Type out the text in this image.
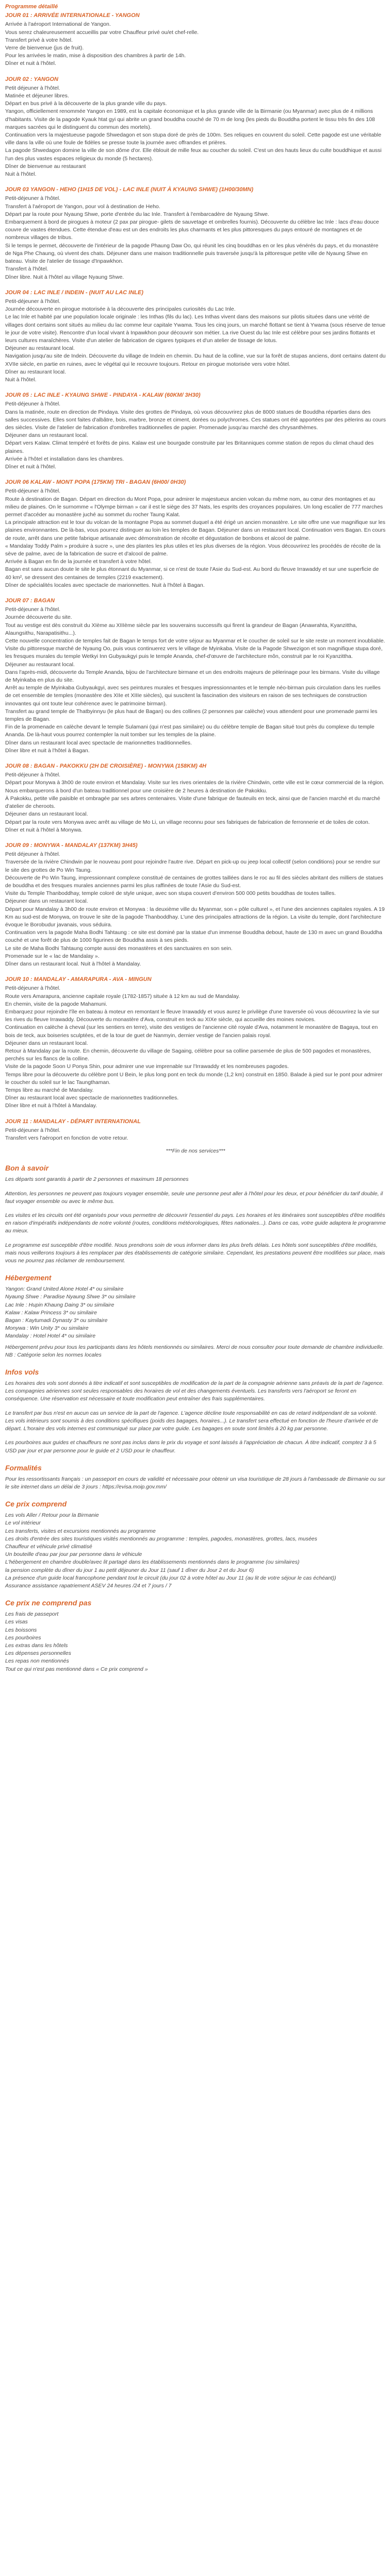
Programme détaillé
JOUR 01 : ARRIVÉE INTERNATIONALE - YANGON

Arrivée à l'aéroport International de Yangon.

Vous serez chaleureusement accueillis par votre Chauffeur privé ou/et chef-relle.

Transfert privé à votre hôtel.

Verre de bienvenue (jus de fruit).

Pour les arrivées le matin, mise à disposition des chambres à partir de 14h.

Dîner et nuit à l'hôtel.

JOUR 02 : YANGON

Petit déjeuner à l'hôtel.

Matinée et déjeuner libres.

Départ en bus privé à la découverte de la plus grande ville du pays.

Yangon, officiellement renommée Yangon en 1989, est la capitale économique et la plus grande ville de la Birmanie (ou Myanmar) avec plus de 4 millions d'habitants. Visite de la pagode Kyauk htat gyi qui abrite un grand bouddha couché de 70 m de long (les pieds du Bouddha portent le tissu très fin des 108 marques sacrées qui le distinguent du commun des mortels).

Continuation vers la majestueuse pagode Shwedagon et son stupa doré de près de 100m. Ses reliques en couvrent du soleil. Cette pagode est une véritable ville dans la ville où une foule de fidèles se presse toute la journée avec offrandes et prières.

La pagode Shwedagon domine la ville de son dôme d'or. Elle éblouit de mille feux au coucher du soleil. C'est un des hauts lieux du culte bouddhique et aussi l'un des plus vastes espaces religieux du monde (5 hectares).

Dîner de bienvenue au restaurant

Nuit à l'hôtel.

JOUR 03 YANGON - HEHO (1H15 DE VOL) - LAC INLE (NUIT À KYAUNG SHWE) (1H00/30MN)

Petit-déjeuner à l'hôtel.

Transfert à l'aéroport de Yangon, pour vol à destination de Heho.

Départ par la route pour Nyaung Shwe, porte d'entrée du lac Inle. Transfert à l'embarcadère de Nyaung Shwe.

Embarquement à bord de pirogues à moteur (2 pax par pirogue- gilets de sauvetage et ombrelles fournis). Découverte du célèbre lac Inle : lacs d'eau douce couvre de vastes étendues. Cette étendue d'eau est un des endroits les plus charmants et les plus pittoresques du pays entouré de montagnes et de nombreux villages de tribus.

Si le temps le permet, découverte de l'intérieur de la pagode Phaung Daw Oo, qui réunit les cinq bouddhas en or les plus vénérés du pays, et du monastère de Nga Phe Chaung, où vivent des chats. Déjeuner dans une maison traditionnelle puis traversée jusqu'à la pittoresque petite ville de Nyaung Shwe en bateau. Visite de l'atelier de tissage d'Inpawkhon.

Transfert à l'hôtel.

Dîner libre. Nuit à l'hôtel au village Nyaung Shwe.

JOUR 04 : LAC INLE / INDEIN - (NUIT AU LAC INLE)

Petit-déjeuner à l'hôtel.

Journée découverte en pirogue motorisée à la découverte des principales curiosités du Lac Inle.

Le lac Inle et habité par une population locale originale : les Inthas (fils du lac). Les Inthas vivent dans des maisons sur pilotis situées dans une vérité de villages dont certains sont situés au milieu du lac comme leur capitale Ywama. Tous les cinq jours, un marché flottant se tient à Ywama (sous réserve de tenue le jour de votre visite). Rencontre d'un local vivant à Inpawkhon pour découvrir son métier. La rive Ouest du lac Inle est célèbre pour ses jardins flottants et leurs cultures maraîchères. Visite d'un atelier de fabrication de cigares typiques et d'un atelier de tissage de lotus.

Déjeuner au restaurant local.

Navigation jusqu'au site de Indein. Découverte du village de Indein en chemin. Du haut de la colline, vue sur la forêt de stupas anciens, dont certains datent du XVIIe siècle, en partie en ruines, avec le végétal qui le recouvre toujours. Retour en pirogue motorisée vers votre hôtel.

Dîner au restaurant local.

Nuit à l'hôtel.

JOUR 05 : LAC INLE - KYAUNG SHWE - PINDAYA - KALAW (60KM/ 3H30)

Petit-déjeuner à l'hôtel.

Dans la matinée, route en direction de Pindaya. Visite des grottes de Pindaya, où vous découvrirez plus de 8000 statues de Bouddha réparties dans des salles successives. Elles sont faites d'albâtre, bois, marbre, bronze et ciment, dorées ou polychromes. Ces statues ont été apportées par des pèlerins au cours des siècles. Visite de l'atelier de fabrication d'ombrelles traditionnelles de papier. Promenade jusqu'au marché des chrysanthèmes.

Déjeuner dans un restaurant local.

Départ vers Kalaw. Climat tempéré et forêts de pins. Kalaw est une bourgade construite par les Britanniques comme station de repos du climat chaud des plaines.

Arrivée à l'hôtel et installation dans les chambres.

Dîner et nuit à l'hôtel.

JOUR 06 KALAW - MONT POPA (175KM) TRI - BAGAN (6H00/ 0H30)

Petit-déjeuner à l'hôtel.

Route à destination de Bagan. Départ en direction du Mont Popa, pour admirer le majestueux ancien volcan du même nom, au cœur des montagnes et au milieu de plaines. On le surnomme « l'Olympe birman » car il est le siège des 37 Nats, les esprits des croyances populaires. Un long escalier de 777 marches permet d'accéder au monastère juché au sommet du rocher Taung Kalat.

La principale attraction est le tour du volcan de la montagne Popa au sommet duquel a été érigé un ancien monastère. Le site offre une vue magnifique sur les plaines environnantes. De là-bas, vous pourrez distinguer au loin les temples de Bagan. Déjeuner dans un restaurant local. Continuation vers Bagan. En cours de route, arrêt dans une petite fabrique artisanale avec démonstration de récolte et dégustation de bonbons et alcool de palme.

« Mandalay Toddy Palm » produire à sucre », une des plantes les plus utiles et les plus diverses de la région. Vous découvrirez les procédés de récolte de la sève de palme, avec de la fabrication de sucre et d'alcool de palme.

Arrivée à Bagan en fin de la journée et transfert à votre hôtel.

Bagan est sans aucun doute le site le plus étonnant du Myanmar, si ce n'est de toute l'Asie du Sud-est. Au bord du fleuve Irrawaddy et sur une superficie de 40 km², se dressent des centaines de temples (2219 exactement).

Dîner de spécialités locales avec spectacle de marionnettes. Nuit à l'hôtel à Bagan.

JOUR 07 : BAGAN

Petit-déjeuner à l'hôtel.

Journée découverte du site.

Tout au vestige est dès construit du XIème au XIIIème siècle par les souverains successifs qui firent la grandeur de Bagan (Anawrahta, Kyanzittha, Alaungsithu, Narapatisithu...).

Cette nouvelle concentration de temples fait de Bagan le temps fort de votre séjour au Myanmar et le coucher de soleil sur le site reste un moment inoubliable. Visite du pittoresque marché de Nyaung Oo, puis vous continuerez vers le village de Myinkaba. Visite de la Pagode Shwezigon et son magnifique stupa doré, les fresques murales du temple Wetkyi Inn Gubyaukgyi puis le temple Ananda, chef-d'œuvre de l'architecture môn, construit par le roi Kyanzittha.

Déjeuner au restaurant local.

Dans l'après-midi, découverte du Temple Ananda, bijou de l'architecture birmane et un des endroits majeurs de pèlerinage pour les birmans. Visite du village de Myinkaba en plus du site.

Arrêt au temple de Myinkaba Gubyaukgyi, avec ses peintures murales et fresques impressionnantes et le temple néo-birman puis circulation dans les ruelles de cet ensemble de temples (monastère des XIIe et XIIIe siècles), qui suscitent la fascination des visiteurs en raison de ses techniques de construction innovantes qui ont toute leur cohérence avec le patrimoine birman).

Transfert au grand temple de Thatbyinnyu (le plus haut de Bagan) ou des collines (2 personnes par calèche) vous attendent pour une promenade parmi les temples de Bagan.

Fin de la promenade en calèche devant le temple Sulamani (qui n'est pas similaire) ou du célèbre temple de Bagan situé tout près du complexe du temple Ananda. De là-haut vous pourrez contempler la nuit tomber sur les temples de la plaine.

Dîner dans un restaurant local avec spectacle de marionnettes traditionnelles.

Dîner libre et nuit à l'hôtel à Bagan.

JOUR 08 : BAGAN - PAKOKKU (2H DE CROISIÈRE) - MONYWA (158KM) 4H

Petit-déjeuner à l'hôtel.

Départ pour Monywa à 3h00 de route environ et Mandalay. Visite sur les rives orientales de la rivière Chindwin, cette ville est le cœur commercial de la région.

Nous embarquerons à bord d'un bateau traditionnel pour une croisière de 2 heures à destination de Pakokku.

À Pakokku, petite ville paisible et ombragée par ses arbres centenaires. Visite d'une fabrique de fauteuils en teck, ainsi que de l'ancien marché et du marché d'atelier de cheroots.

Déjeuner dans un restaurant local.

Départ par la route vers Monywa avec arrêt au village de Mo Li, un village reconnu pour ses fabriques de fabrication de ferronnerie et de toiles de coton.

Dîner et nuit à l'hôtel à Monywa.

JOUR 09 : MONYWA - MANDALAY (137KM) 3H45)

Petit déjeuner à l'hôtel.

Traversée de la rivière Chindwin par le nouveau pont pour rejoindre l'autre rive. Départ en pick-up ou jeep local collectif (selon conditions) pour se rendre sur le site des grottes de Po Win Taung.

Découverte de Po Win Taung, impressionnant complexe constitué de centaines de grottes taillées dans le roc au fil des siècles abritant des milliers de statues de bouddha et des fresques murales anciennes parmi les plus raffinées de toute l'Asie du Sud-est.

Visite du Temple Thanboddhay, temple coloré de style unique, avec son stupa couvert d'environ 500 000 petits bouddhas de toutes tailles.

Déjeuner dans un restaurant local.

Départ pour Mandalay à 3h00 de route environ et Monywa : la deuxième ville du Myanmar, son « pôle culturel », et l'une des anciennes capitales royales. A 19 Km au sud-est de Monywa, on trouve le site de la pagode Thanboddhay. L'une des principales attractions de la région. La visite du temple, dont l'architecture évoque le Borobudur javanais, vous séduira.

Continuation vers la pagode Maha Bodhi Tahtaung : ce site est dominé par la statue d'un immense Bouddha debout, haute de 130 m avec un grand Bouddha couché et une forêt de plus de 1000 figurines de Bouddha assis à ses pieds.

Le site de Maha Bodhi Tahtaung compte aussi des monastères et des sanctuaires en son sein.

Promenade sur le « lac de Mandalay ».

Dîner dans un restaurant local. Nuit à l'hôtel à Mandalay.

JOUR 10 : MANDALAY - AMARAPURA - AVA - MINGUN

Petit-déjeuner à l'hôtel.

Route vers Amarapura, ancienne capitale royale (1782-1857) située à 12 km au sud de Mandalay.

En chemin, visite de la pagode Mahamuni.

Embarquez pour rejoindre l'île en bateau à moteur en remontant le fleuve Irrawaddy et vous aurez le privilège d'une traversée où vous découvrirez la vie sur les rives du fleuve Irrawaddy. Découverte du monastère d'Ava, construit en teck au XIXe siècle, qui accueille des moines novices.

Continuation en calèche à cheval (sur les sentiers en terre), visite des vestiges de l'ancienne cité royale d'Ava, notamment le monastère de Bagaya, tout en bois de teck, aux boiseries sculptées, et de la tour de guet de Nanmyin, dernier vestige de l'ancien palais royal.

Déjeuner dans un restaurant local.

Retour à Mandalay par la route. En chemin, découverte du village de Sagaing, célèbre pour sa colline parsemée de plus de 500 pagodes et monastères, perchés sur les flancs de la colline.

Visite de la pagode Soon U Ponya Shin, pour admirer une vue imprenable sur l'Irrawaddy et les nombreuses pagodes.

Temps libre pour la découverte du célèbre pont U Bein, le plus long pont en teck du monde (1,2 km) construit en 1850. Balade à pied sur le pont pour admirer le coucher du soleil sur le lac Taungthaman.

Temps libre au marché de Mandalay.

Dîner au restaurant local avec spectacle de marionnettes traditionnelles.

Dîner libre et nuit à l'hôtel à Mandalay.

JOUR 11 : MANDALAY - DÉPART INTERNATIONAL

Petit-déjeuner à l'hôtel.

Transfert vers l'aéroport en fonction de votre retour.

***Fin de nos services***
Bon à savoir

Les départs sont garantis à partir de 2 personnes et maximum 18 personnes

Attention, les personnes ne peuvent pas toujours voyager ensemble, seule une personne peut aller à l'hôtel pour les deux, et pour bénéficier du tarif double, il faut voyager ensemble ou avec le même bus.

Les visites et les circuits ont été organisés pour vous permettre de découvrir l'essentiel du pays. Les horaires et les itinéraires sont susceptibles d'être modifiés en raison d'impératifs indépendants de notre volonté (routes, conditions météorologiques, fêtes nationales...). Dans ce cas, votre guide adaptera le programme au mieux.

Le programme est susceptible d'être modifié. Nous prendrons soin de vous informer dans les plus brefs délais. Les hôtels sont susceptibles d'être modifiés, mais nous veillerons toujours à les remplacer par des établissements de catégorie similaire. Cependant, les prestations peuvent être modifiées sur place, mais vous ne pourrez pas réclamer de remboursement.

Hébergement

Yangon: Grand United Alone Hotel 4* ou similaire

Nyaung Shwe : Paradise Nyaung Shwe 3* ou similaire

Lac Inle : Hupin Khaung Daing 3* ou similaire

Kalaw : Kalaw Princess 3* ou similaire

Bagan : Kaytumadi Dynasty 3* ou similaire

Monywa : Win Unity 3* ou similaire

Mandalay : Hotel Hotel 4* ou similaire

Hébergement prévu pour tous les participants dans les hôtels mentionnés ou similaires. Merci de nous consulter pour toute demande de chambre individuelle.

NB : Catégorie selon les normes locales

Infos vols

Les horaires des vols sont donnés à titre indicatif et sont susceptibles de modification de la part de la compagnie aérienne sans préavis de la part de l'agence. Les compagnies aériennes sont seules responsables des horaires de vol et des changements éventuels. Les transferts vers l'aéroport se feront en conséquence. Une réservation est nécessaire et toute modification peut entraîner des frais supplémentaires.

Le transfert par bus n'est en aucun cas un service de la part de l'agence. L'agence décline toute responsabilité en cas de retard indépendant de sa volonté. Les vols intérieurs sont soumis à des conditions spécifiques (poids des bagages, horaires...). Le transfert sera effectué en fonction de l'heure d'arrivée et de départ. L'horaire des vols internes est communiqué sur place par votre guide. Les bagages en soute sont limités à 20 kg par personne.

Les pourboires aux guides et chauffeurs ne sont pas inclus dans le prix du voyage et sont laissés à l'appréciation de chacun. À titre indicatif, comptez 3 à 5 USD par jour et par personne pour le guide et 2 USD pour le chauffeur.

Formalités

Pour les ressortissants français : un passeport en cours de validité et nécessaire pour obtenir un visa touristique de 28 jours à l'ambassade de Birmanie ou sur le site internet dans un délai de 3 jours : https://evisa.moip.gov.mm/

Ce prix comprend

Les vols Aller / Retour pour la Birmanie

Le vol intérieur

Les transferts, visites et excursions mentionnés au programme

Les droits d'entrée des sites touristiques visités mentionnés au programme : temples, pagodes, monastères, grottes, lacs, musées

Chauffeur et véhicule privé climatisé

Un bouteille d'eau par jour par personne dans le véhicule

L'hébergement en chambre double/avec lit partagé dans les établissements mentionnés dans le programme (ou similaires)

la pension complète du dîner du jour 1 au petit déjeuner du Jour 11 (sauf 1 dîner du Jour 2 et du Jour 6)

La présence d'un guide local francophone pendant tout le circuit (du jour 02 à votre hôtel au Jour 11 (au lit de votre séjour le cas échéant))

Assurance assistance rapatriement ASEV 24 heures /24 et 7 jours / 7

Ce prix ne comprend pas

Les frais de passeport

Les visas

Les boissons

Les pourboires

Les extras dans les hôtels

Les dépenses personnelles

Les repas non mentionnés

Tout ce qui n'est pas mentionné dans « Ce prix comprend »
